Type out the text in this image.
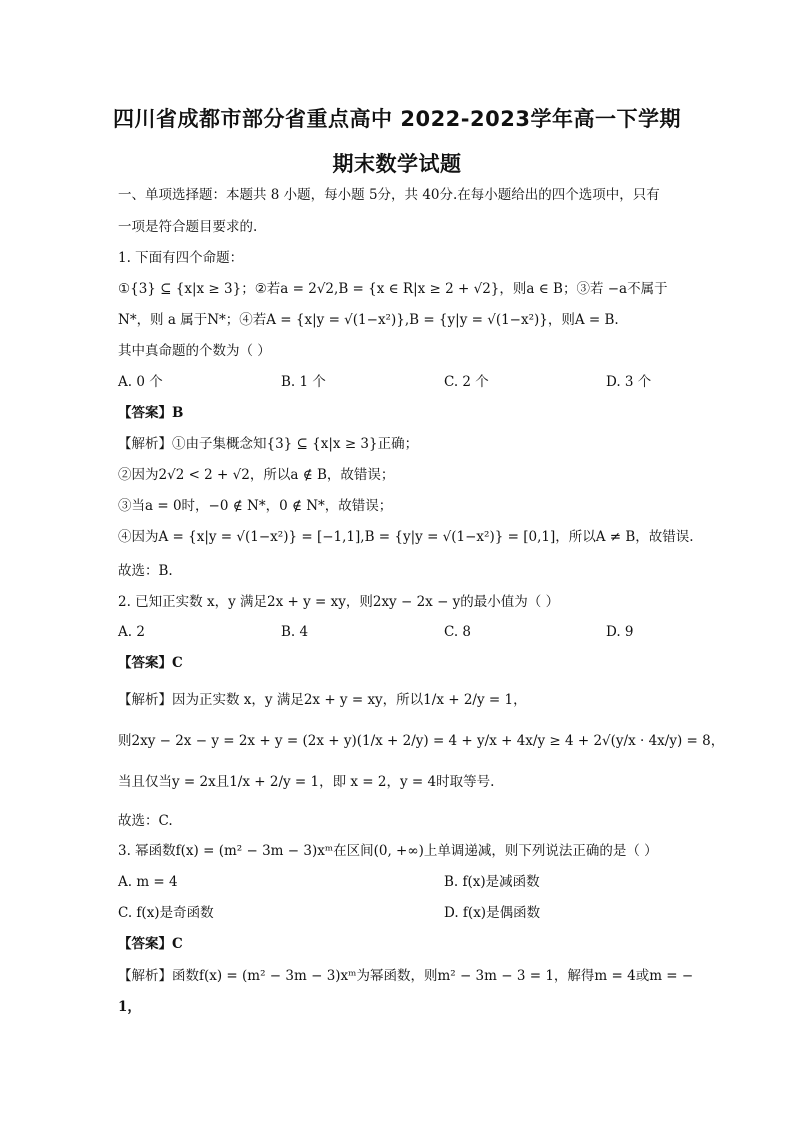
四川省成都市部分省重点高中 2022-2023学年高一下学期
期末数学试题
一、单项选择题：本题共 8 小题，每小题 5分，共 40分.在每小题给出的四个选项中，只有
一项是符合题目要求的.
1. 下面有四个命题：
①{3} ⊆ {x|x ≥ 3}；②若a = 2√2,B = {x ∈ R|x ≥ 2 + √2}，则a ∈ B；③若 −a不属于
N*，则 a 属于N*；④若A = {x|y = √(1−x²)},B = {y|y = √(1−x²)}，则A = B.
其中真命题的个数为（ ）
A. 0 个	B. 1 个	C. 2 个	D. 3 个
【答案】B
【解析】①由子集概念知{3} ⊆ {x|x ≥ 3}正确；
②因为2√2 < 2 + √2，所以a ∉ B，故错误；
③当a = 0时，−0 ∉ N*，0 ∉ N*，故错误；
④因为A = {x|y = √(1−x²)} = [−1,1],B = {y|y = √(1−x²)} = [0,1]，所以A ≠ B，故错误.
故选：B.
2. 已知正实数 x，y 满足2x + y = xy，则2xy − 2x − y的最小值为（ ）
A. 2	B. 4	C. 8	D. 9
【答案】C
【解析】因为正实数 x，y 满足2x + y = xy，所以1/x + 2/y = 1，
则2xy − 2x − y = 2x + y = (2x + y)(1/x + 2/y) = 4 + y/x + 4x/y ≥ 4 + 2√(y/x · 4x/y) = 8，
当且仅当y = 2x且1/x + 2/y = 1，即 x = 2，y = 4时取等号.
故选：C.
3. 幂函数f(x) = (m² − 3m − 3)xᵐ在区间(0, +∞)上单调递减，则下列说法正确的是（ ）
A. m = 4	B. f(x)是减函数
C. f(x)是奇函数	D. f(x)是偶函数
【答案】C
【解析】函数f(x) = (m² − 3m − 3)xᵐ为幂函数，则m² − 3m − 3 = 1，解得m = 4或m = −
1，
